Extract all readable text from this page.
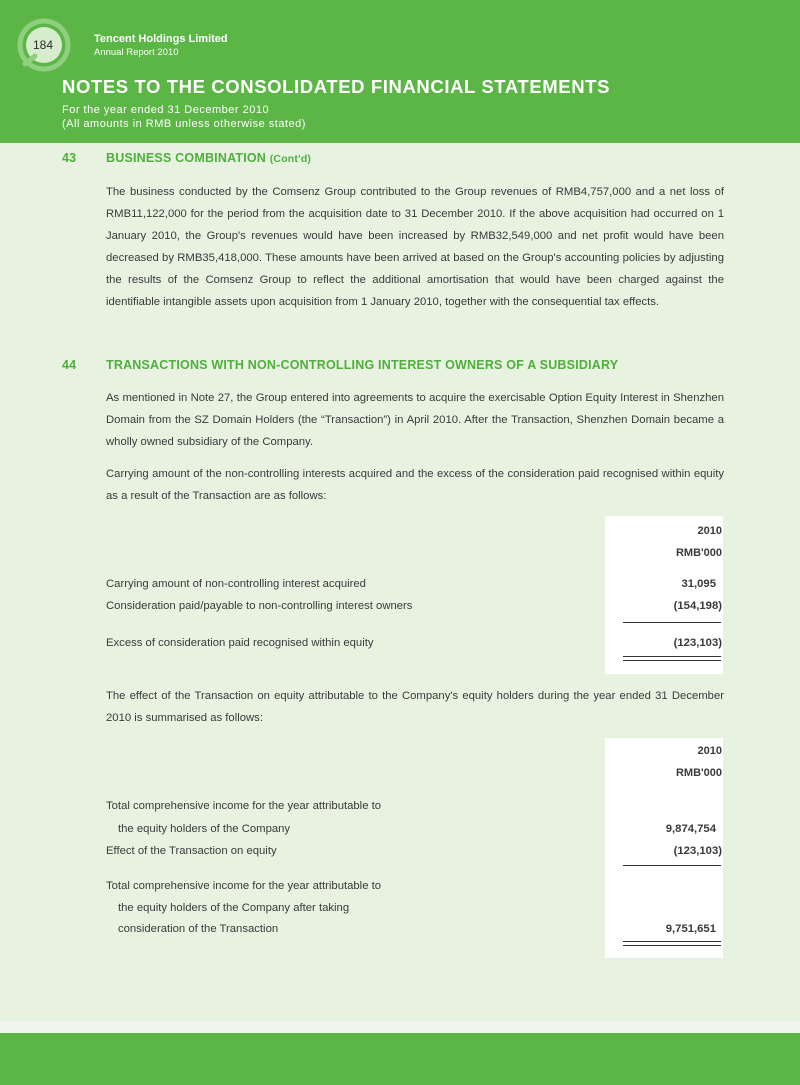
184	Tencent Holdings Limited
Annual Report 2010
NOTES TO THE CONSOLIDATED FINANCIAL STATEMENTS
For the year ended 31 December 2010
(All amounts in RMB unless otherwise stated)
43 BUSINESS COMBINATION (Cont'd)
The business conducted by the Comsenz Group contributed to the Group revenues of RMB4,757,000 and a net loss of RMB11,122,000 for the period from the acquisition date to 31 December 2010. If the above acquisition had occurred on 1 January 2010, the Group's revenues would have been increased by RMB32,549,000 and net profit would have been decreased by RMB35,418,000. These amounts have been arrived at based on the Group's accounting policies by adjusting the results of the Comsenz Group to reflect the additional amortisation that would have been charged against the identifiable intangible assets upon acquisition from 1 January 2010, together with the consequential tax effects.
44 TRANSACTIONS WITH NON-CONTROLLING INTEREST OWNERS OF A SUBSIDIARY
As mentioned in Note 27, the Group entered into agreements to acquire the exercisable Option Equity Interest in Shenzhen Domain from the SZ Domain Holders (the “Transaction”) in April 2010. After the Transaction, Shenzhen Domain became a wholly owned subsidiary of the Company.
Carrying amount of the non-controlling interests acquired and the excess of the consideration paid recognised within equity as a result of the Transaction are as follows:
2010
RMB'000
Carrying amount of non-controlling interest acquired	31,095
Consideration paid/payable to non-controlling interest owners	(154,198)
Excess of consideration paid recognised within equity	(123,103)
The effect of the Transaction on equity attributable to the Company's equity holders during the year ended 31 December 2010 is summarised as follows:
2010
RMB'000
Total comprehensive income for the year attributable to
the equity holders of the Company	9,874,754
Effect of the Transaction on equity	(123,103)
Total comprehensive income for the year attributable to
the equity holders of the Company after taking
consideration of the Transaction	9,751,651
